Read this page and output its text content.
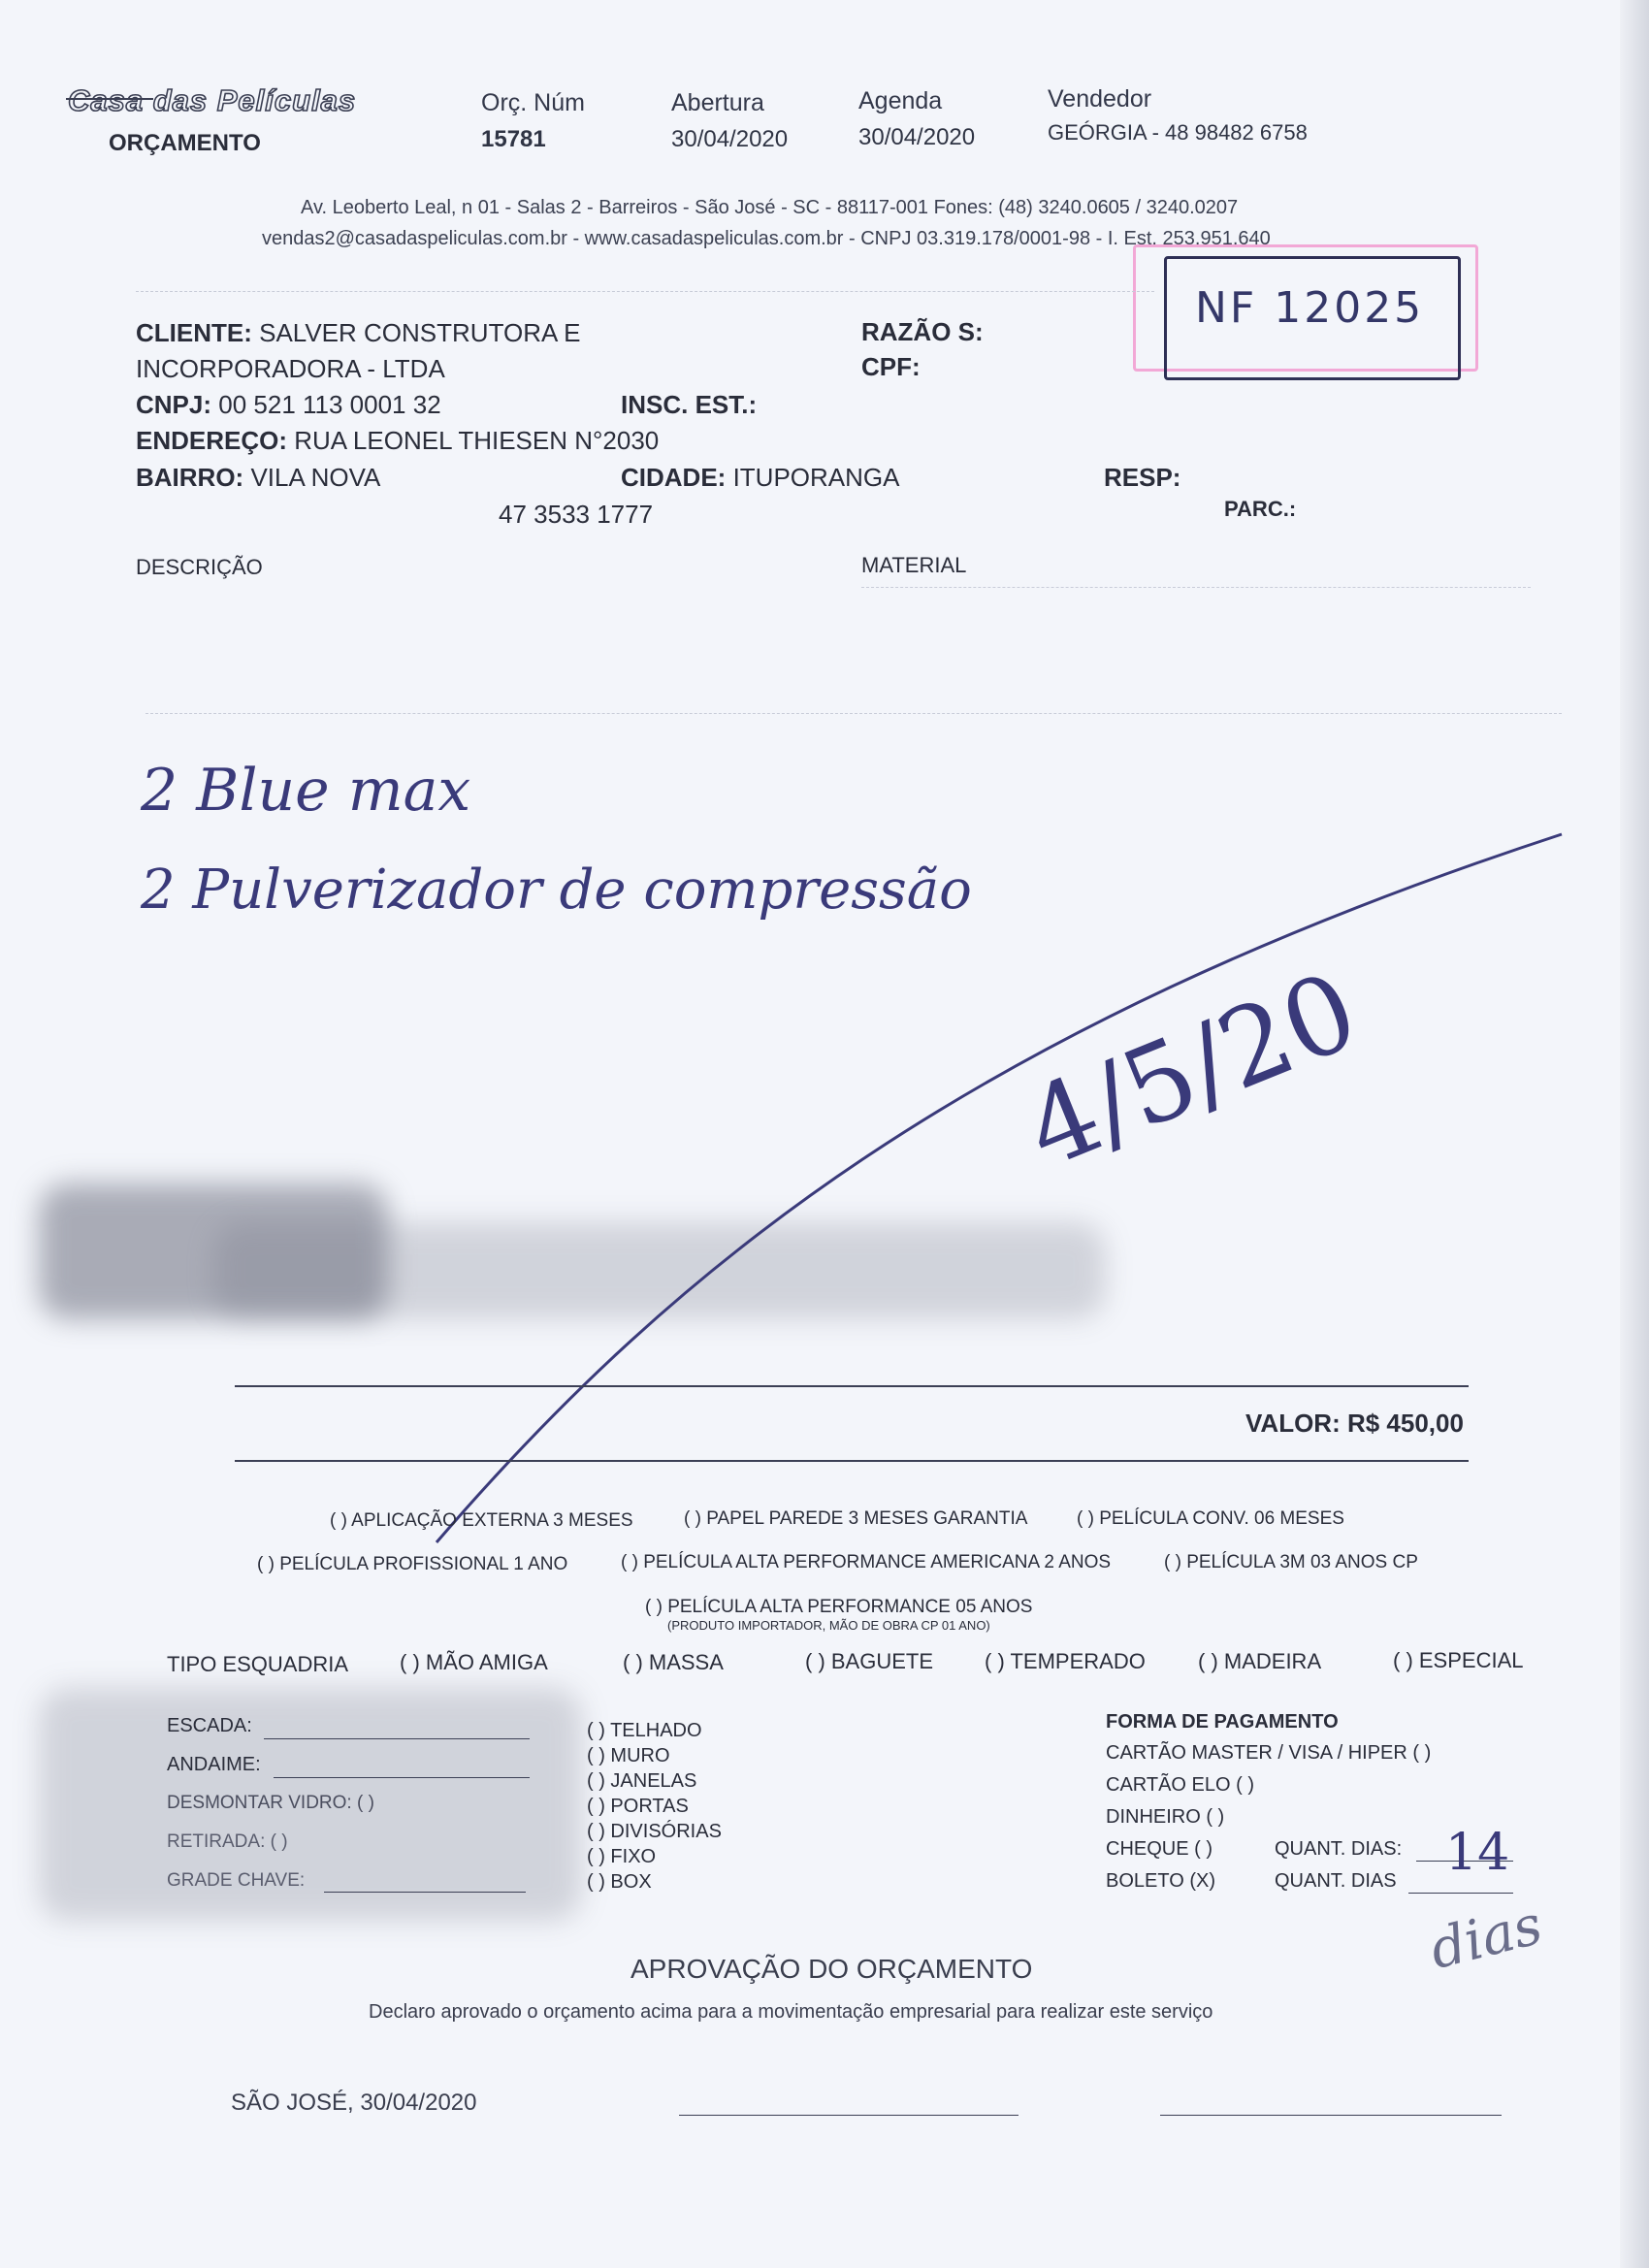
Casa das Películas
ORÇAMENTO
Orç. Núm
15781
Abertura
30/04/2020
Agenda
30/04/2020
Vendedor
GEÓRGIA - 48 98482 6758
Av. Leoberto Leal, n 01 - Salas 2 - Barreiros - São José - SC - 88117-001 Fones: (48) 3240.0605 / 3240.0207
vendas2@casadaspeliculas.com.br - www.casadaspeliculas.com.br - CNPJ 03.319.178/0001-98 - I. Est. 253.951.640
NF 12025
CLIENTE: SALVER CONSTRUTORA E
INCORPORADORA - LTDA
CNPJ: 00 521 113 0001 32	INSC. EST.:
ENDEREÇO: RUA LEONEL THIESEN N°2030
BAIRRO: VILA NOVA	CIDADE: ITUPORANGA
47 3533 1777
RAZÃO S:
CPF:
RESP:
PARC.:
DESCRIÇÃO	MATERIAL
2 Blue max
2 Pulverizador de compressão
4/5/20
VALOR: R$ 450,00
( ) APLICAÇÃO EXTERNA 3 MESES	( ) PAPEL PAREDE 3 MESES GARANTIA	( ) PELÍCULA CONV. 06 MESES
( ) PELÍCULA PROFISSIONAL 1 ANO	( ) PELÍCULA ALTA PERFORMANCE AMERICANA 2 ANOS	( ) PELÍCULA 3M 03 ANOS CP
( ) PELÍCULA ALTA PERFORMANCE 05 ANOS
(PRODUTO IMPORTADOR, MÃO DE OBRA CP 01 ANO)
TIPO ESQUADRIA ( ) MÃO AMIGA	( ) MASSA	( ) BAGUETE ( ) TEMPERADO ( ) MADEIRA	( ) ESPECIAL
ESCADA:
ANDAIME:
DESMONTAR VIDRO: ( )
RETIRADA: ( )
GRADE CHAVE:
( ) TELHADO
( ) MURO
( ) JANELAS
( ) PORTAS
( ) DIVISÓRIAS
( ) FIXO
( ) BOX
FORMA DE PAGAMENTO
CARTÃO MASTER / VISA / HIPER ( )
CARTÃO ELO ( )
DINHEIRO ( )
CHEQUE ( )	QUANT. DIAS:
BOLETO (X)	QUANT. DIAS 14
dias
APROVAÇÃO DO ORÇAMENTO
Declaro aprovado o orçamento acima para a movimentação empresarial para realizar este serviço
SÃO JOSÉ, 30/04/2020
